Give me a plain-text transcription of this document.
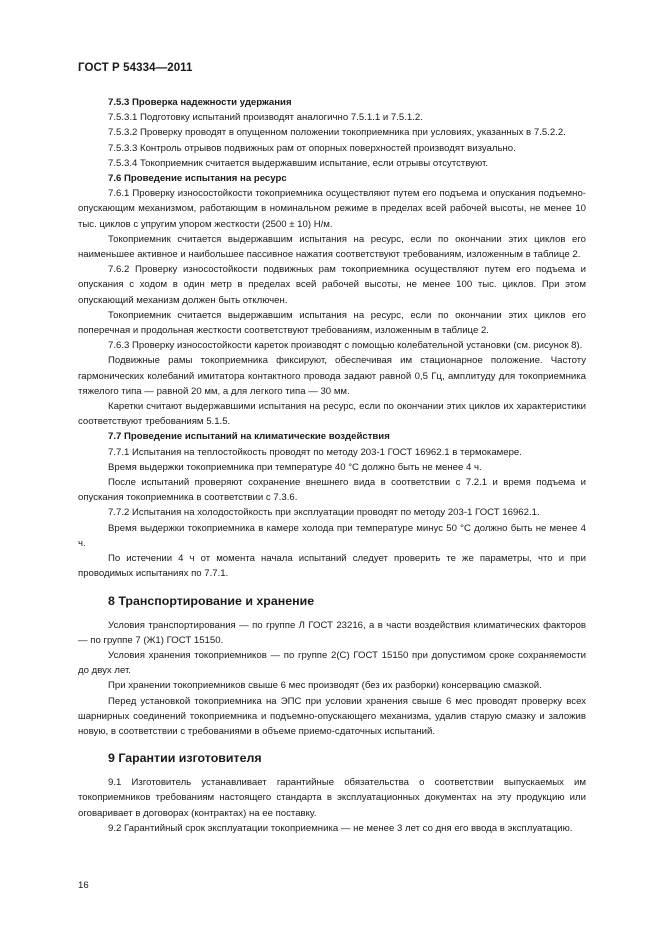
ГОСТ Р 54334—2011

7.5.3 Проверка надежности удержания

7.5.3.1 Подготовку испытаний производят аналогично 7.5.1.1 и 7.5.1.2.

7.5.3.2 Проверку проводят в опущенном положении токоприемника при условиях, указанных в 7.5.2.2.

7.5.3.3 Контроль отрывов подвижных рам от опорных поверхностей производят визуально.

7.5.3.4 Токоприемник считается выдержавшим испытание, если отрывы отсутствуют.

7.6 Проведение испытания на ресурс

7.6.1 Проверку износостойкости токоприемника осуществляют путем его подъема и опускания подъемно-опускающим механизмом, работающим в номинальном режиме в пределах всей рабочей высоты, не менее 10 тыс. циклов с упругим упором жесткости (2500 ± 10) Н/м.

Токоприемник считается выдержавшим испытания на ресурс, если по окончании этих циклов его наименьшее активное и наибольшее пассивное нажатия соответствуют требованиям, изложенным в таблице 2.

7.6.2 Проверку износостойкости подвижных рам токоприемника осуществляют путем его подъема и опускания с ходом в один метр в пределах всей рабочей высоты, не менее 100 тыс. циклов. При этом опускающий механизм должен быть отключен.

Токоприемник считается выдержавшим испытания на ресурс, если по окончании этих циклов его поперечная и продольная жесткости соответствуют требованиям, изложенным в таблице 2.

7.6.3 Проверку износостойкости кареток производят с помощью колебательной установки (см. рисунок 8).

Подвижные рамы токоприемника фиксируют, обеспечивая им стационарное положение. Частоту гармонических колебаний имитатора контактного провода задают равной 0,5 Гц, амплитуду для токоприемника тяжелого типа — равной 20 мм, а для легкого типа — 30 мм.

Каретки считают выдержавшими испытания на ресурс, если по окончании этих циклов их характеристики соответствуют требованиям 5.1.5.

7.7 Проведение испытаний на климатические воздействия

7.7.1 Испытания на теплостойкость проводят по методу 203-1 ГОСТ 16962.1 в термокамере.

Время выдержки токоприемника при температуре 40 °С должно быть не менее 4 ч.

После испытаний проверяют сохранение внешнего вида в соответствии с 7.2.1 и время подъема и опускания токоприемника в соответствии с 7.3.6.

7.7.2 Испытания на холодостойкость при эксплуатации проводят по методу 203-1 ГОСТ 16962.1.

Время выдержки токоприемника в камере холода при температуре минус 50 °С должно быть не менее 4 ч.

По истечении 4 ч от момента начала испытаний следует проверить те же параметры, что и при проводимых испытаниях по 7.7.1.

8 Транспортирование и хранение

Условия транспортирования — по группе Л ГОСТ 23216, а в части воздействия климатических факторов — по группе 7 (Ж1) ГОСТ 15150.

Условия хранения токоприемников — по группе 2(С) ГОСТ 15150 при допустимом сроке сохраняемости до двух лет.

При хранении токоприемников свыше 6 мес производят (без их разборки) консервацию смазкой.

Перед установкой токоприемника на ЭПС при условии хранения свыше 6 мес проводят проверку всех шарнирных соединений токоприемника и подъемно-опускающего механизма, удалив старую смазку и заложив новую, в соответствии с требованиями в объеме приемо-сдаточных испытаний.

9 Гарантии изготовителя

9.1 Изготовитель устанавливает гарантийные обязательства о соответствии выпускаемых им токоприемников требованиям настоящего стандарта в эксплуатационных документах на эту продукцию или оговаривает в договорах (контрактах) на ее поставку.

9.2 Гарантийный срок эксплуатации токоприемника — не менее 3 лет со дня его ввода в эксплуатацию.

16
